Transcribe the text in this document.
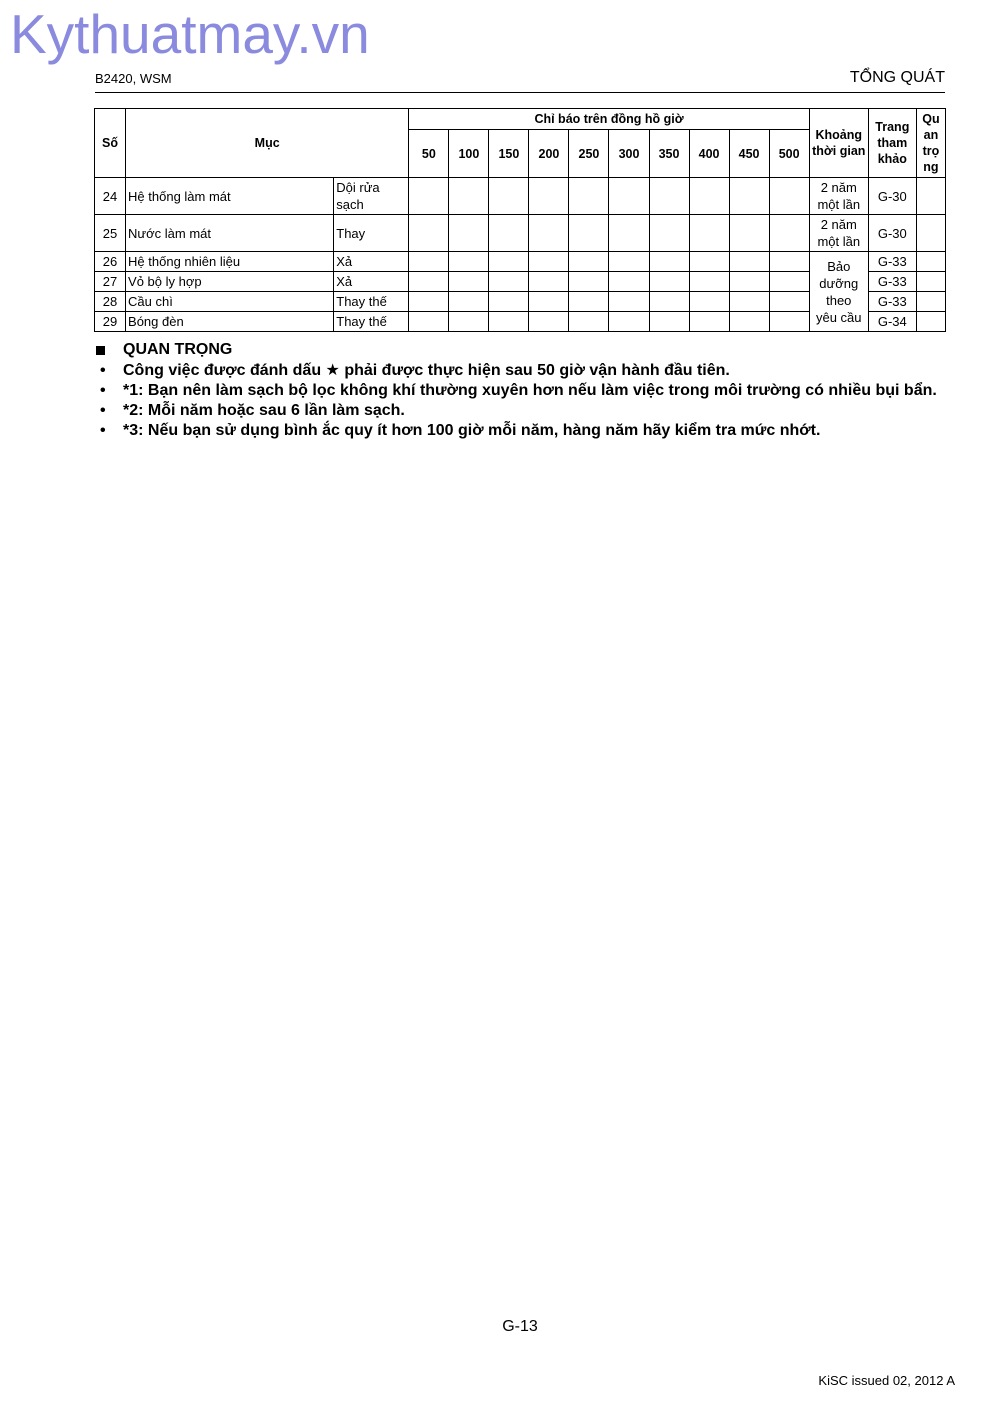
Kythuatmay.vn
B2420, WSM	TỔNG QUÁT
Số	Mục		Chỉ báo trên đồng hồ giờ										Khoảng thời gian	Trang tham khảo	Quan trọng

			50	100	150	200	250	300	350	400	450	500			
24	Hệ thống làm mát	Dội rửa sạch											2 năm một lần	G-30	
25	Nước làm mát	Thay											2 năm một lần	G-30	
26	Hệ thống nhiên liệu	Xả											Bảo dưỡng theo yêu cầu	G-33	
27	Vỏ bộ ly hợp	Xả												G-33	
28	Cầu chì	Thay thế												G-33	
29	Bóng đèn	Thay thế												G-34	
QUAN TRỌNG
• Công việc được đánh dấu ★ phải được thực hiện sau 50 giờ vận hành đầu tiên.
• *1: Bạn nên làm sạch bộ lọc không khí thường xuyên hơn nếu làm việc trong môi trường có nhiều bụi bẩn.
• *2: Mỗi năm hoặc sau 6 lần làm sạch.
• *3: Nếu bạn sử dụng bình ắc quy ít hơn 100 giờ mỗi năm, hàng năm hãy kiểm tra mức nhớt.
G-13
KiSC issued 02, 2012 A
